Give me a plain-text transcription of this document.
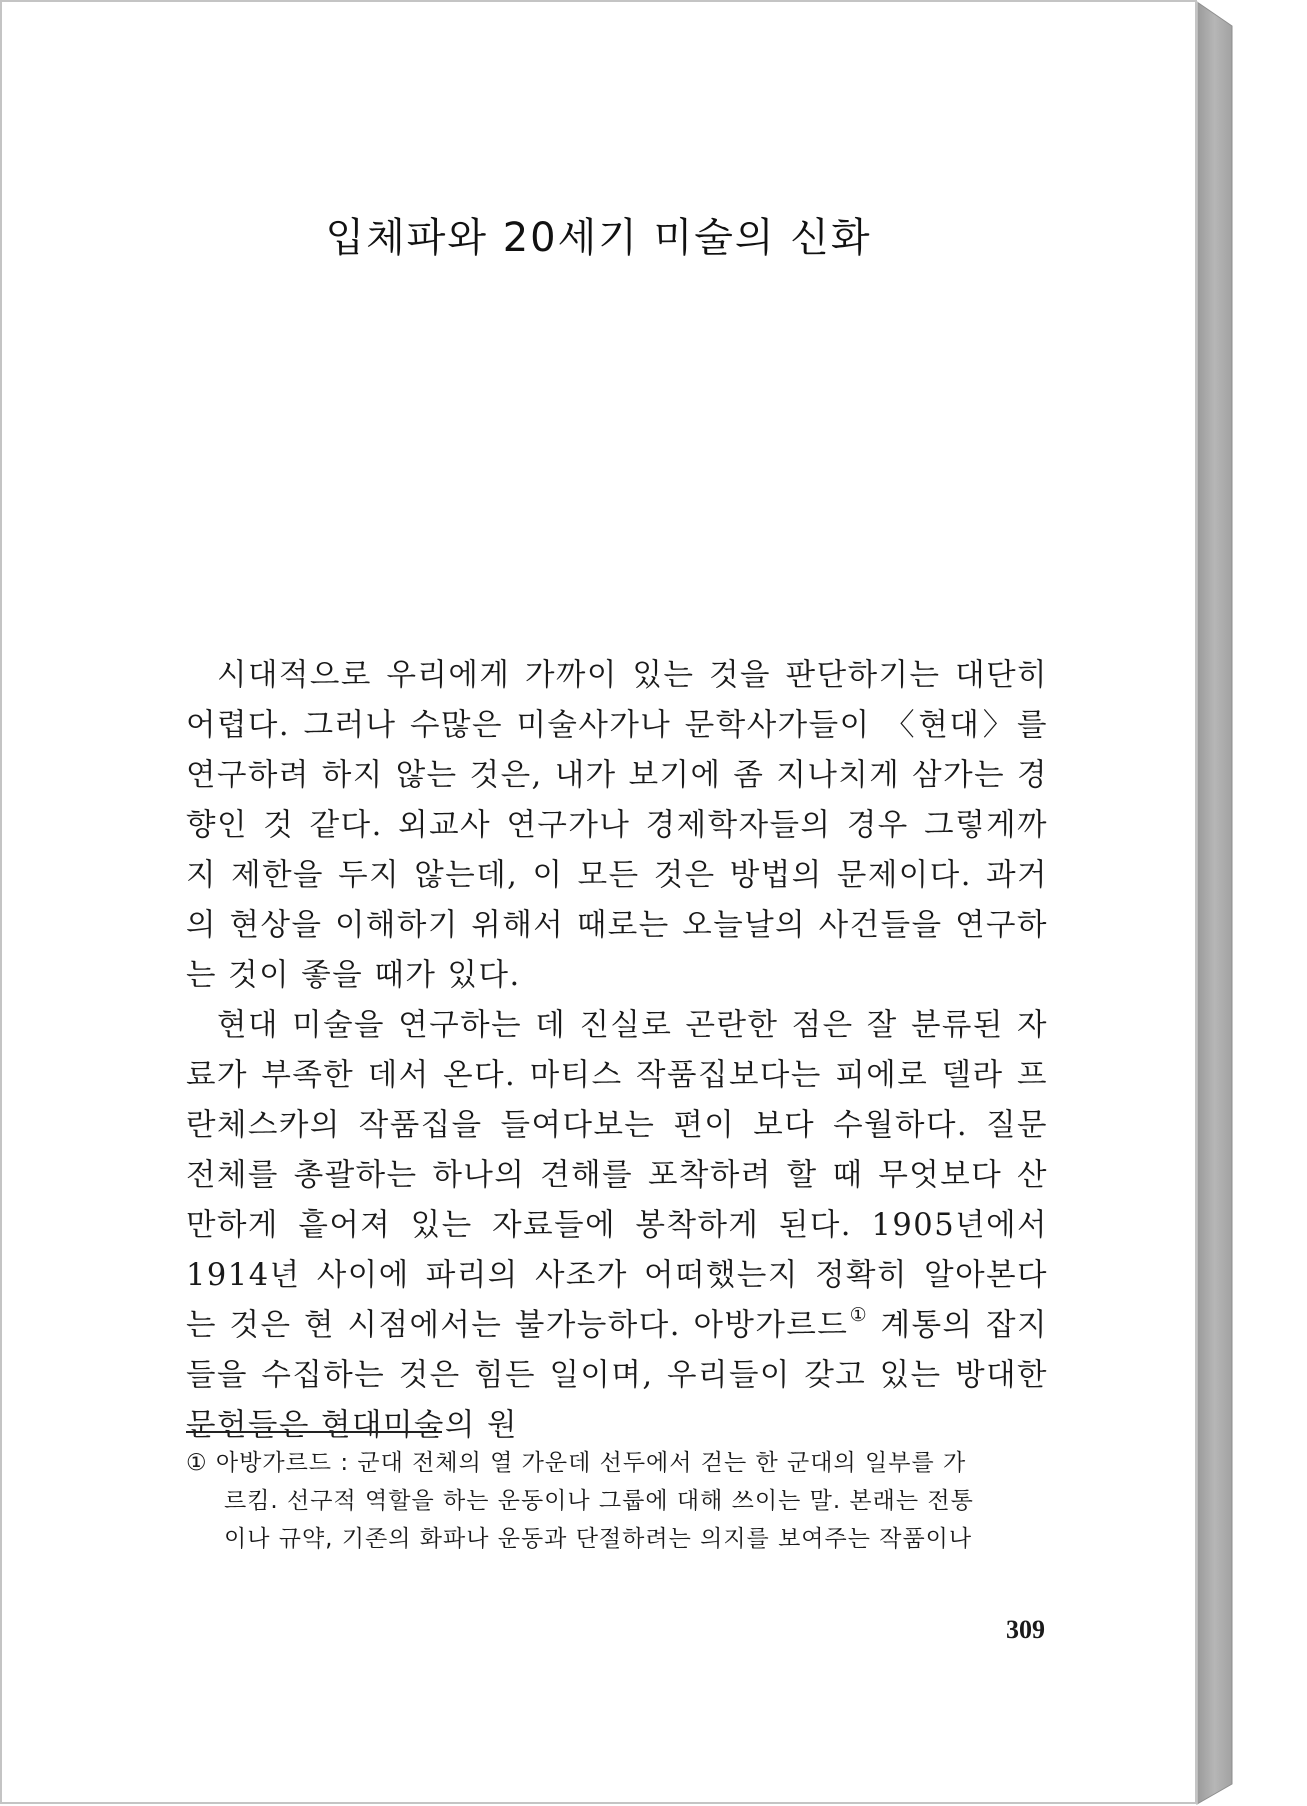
입체파와 20세기 미술의 신화

시대적으로 우리에게 가까이 있는 것을 판단하기는 대단히 어렵다. 그러나 수많은 미술사가나 문학사가들이 〈현대〉를 연구하려 하지 않는 것은, 내가 보기에 좀 지나치게 삼가는 경향인 것 같다. 외교사 연구가나 경제학자들의 경우 그렇게까지 제한을 두지 않는데, 이 모든 것은 방법의 문제이다. 과거의 현상을 이해하기 위해서 때로는 오늘날의 사건들을 연구하는 것이 좋을 때가 있다.

현대 미술을 연구하는 데 진실로 곤란한 점은 잘 분류된 자료가 부족한 데서 온다. 마티스 작품집보다는 피에로 델라 프란체스카의 작품집을 들여다보는 편이 보다 수월하다. 질문 전체를 총괄하는 하나의 견해를 포착하려 할 때 무엇보다 산만하게 흩어져 있는 자료들에 봉착하게 된다. 1905년에서 1914년 사이에 파리의 사조가 어떠했는지 정확히 알아본다는 것은 현 시점에서는 불가능하다. 아방가르드① 계통의 잡지들을 수집하는 것은 힘든 일이며, 우리들이 갖고 있는 방대한 문헌들은 현대미술의 원

① 아방가르드 : 군대 전체의 열 가운데 선두에서 걷는 한 군대의 일부를 가
르킴. 선구적 역할을 하는 운동이나 그룹에 대해 쓰이는 말. 본래는 전통
이나 규약, 기존의 화파나 운동과 단절하려는 의지를 보여주는 작품이나
309
